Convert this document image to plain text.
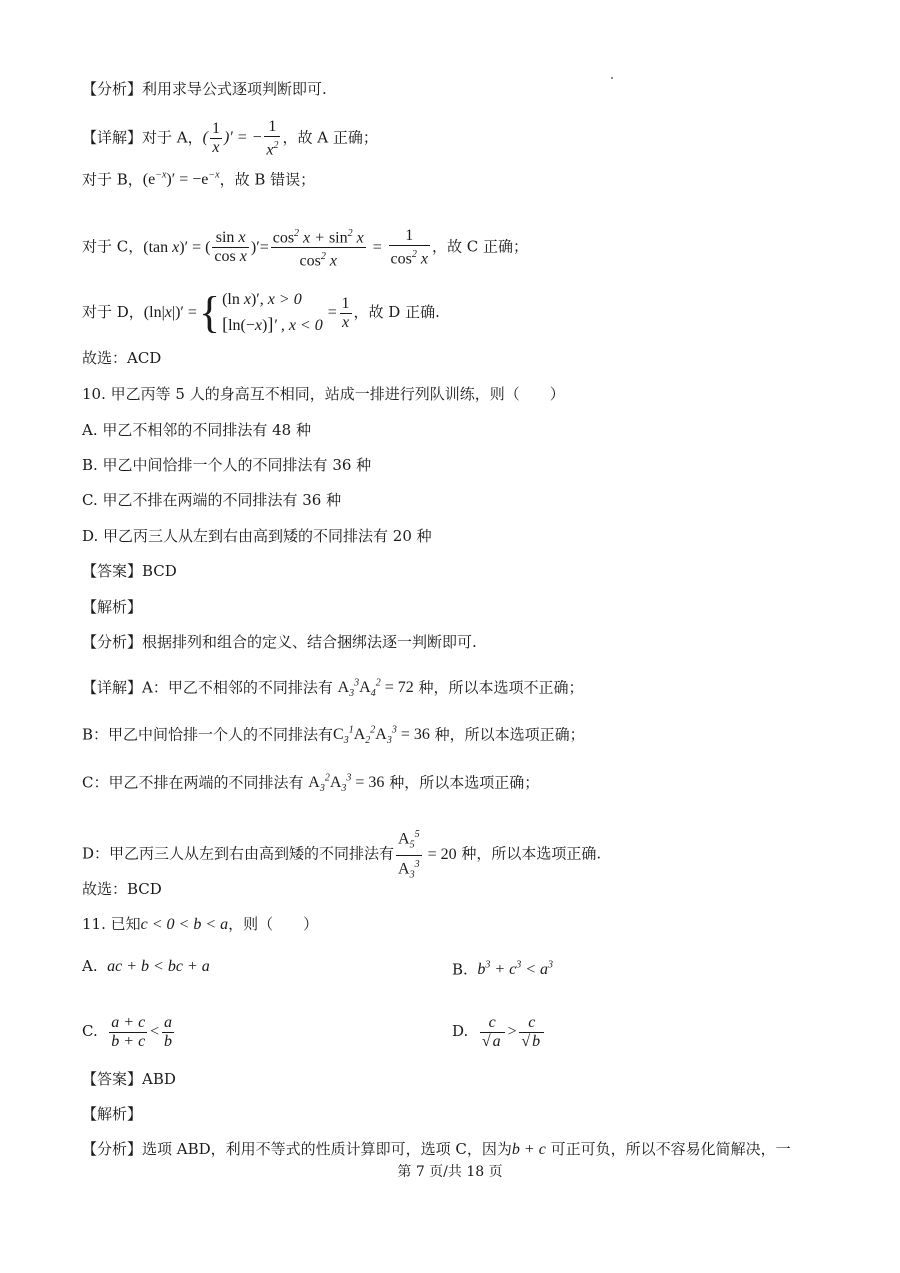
【分析】利用求导公式逐项判断即可.
【详解】对于 A，( $\frac{1}{x}$ )′ = − $\frac{1}{x^2}$ ，故 A 正确；
对于 B，$(e^{-x})' = -e^{-x}$，故 B 错误；
对于 C，(tan x)′ = ( $\frac{\text{sin x}}{\text{cos x}}$ )′= $\frac{\cos^2 x + \sin^2 x}{\cos^2 x} = \frac{1}{\cos^2 x}$ ，故 C 正确；
对于 D， (ln| x |)′ = { (ln x)′, x > 0
[ln(−x)]′ , x < 0
= $\frac{1}{x}$ ，故 D 正确.
故选：ACD
10. 甲乙丙等 5 人的身高互不相同，站成一排进行列队训练，则（　　）
A. 甲乙不相邻的不同排法有 48 种
B. 甲乙中间恰排一个人的不同排法有 36 种
C. 甲乙不排在两端的不同排法有 36 种
D. 甲乙丙三人从左到右由高到矮的不同排法有 20 种
【答案】BCD
【解析】
【分析】根据排列和组合的定义、结合捆绑法逐一判断即可.
【详解】A：甲乙不相邻的不同排法有 $A_3^3A_4^2 = 72$ 种，所以本选项不正确；
B：甲乙中间恰排一个人的不同排法有$C_3^1A_2^2A_3^3 = 36$ 种，所以本选项正确；
C：甲乙不排在两端的不同排法有 $A_3^2A_3^3 = 36$ 种，所以本选项正确；
D：甲乙丙三人从左到右由高到矮的不同排法有 $\frac{A_5^5}{A_3^3} = 20$ 种，所以本选项正确.
故选：BCD
11. 已知c < 0 < b < a，则（　　）
A. ac + b < bc + a	B. $b^3 + c^3 < a^3$
C. $\frac{a + c}{b + c} < \frac{a}{b}$	D. $\frac{c}{√ a} > \frac{c}{√ b}$
【答案】ABD
【解析】
【分析】选项 ABD，利用不等式的性质计算即可，选项 C，因为b + c 可正可负，所以不容易化简解决，一
第 7 页/共 18 页
